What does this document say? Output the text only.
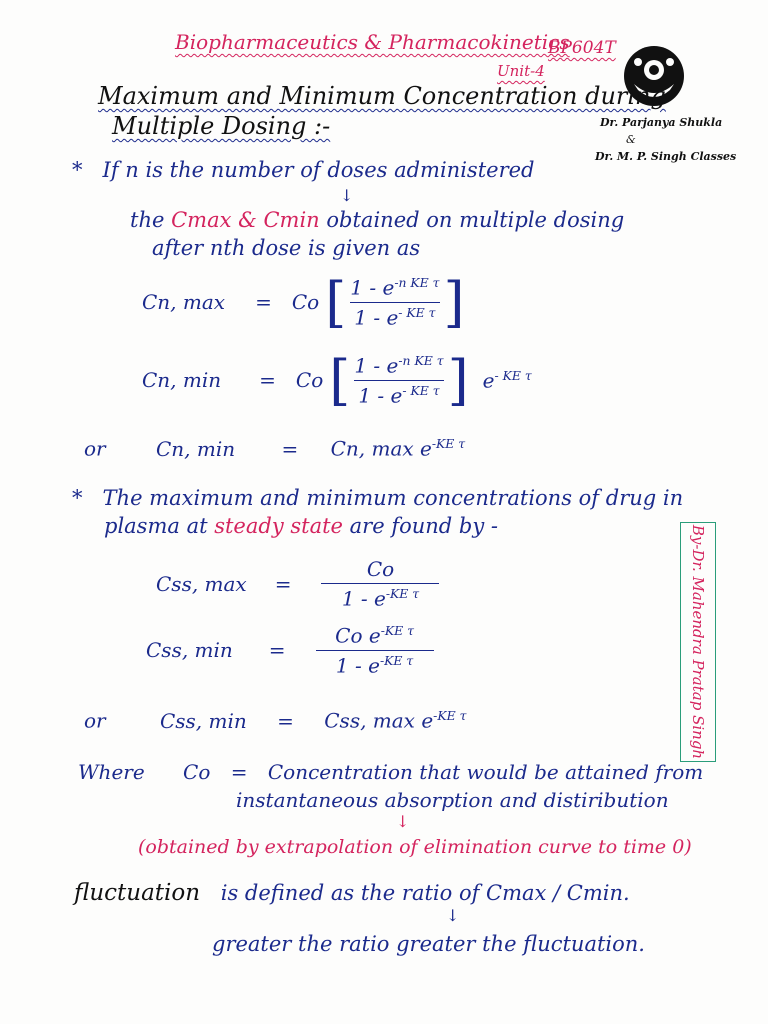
Biopharmaceutics & Pharmacokinetics
BP604T
Unit-4
Maximum and Minimum Concentration during
Multiple Dosing :-	Dr. Parjanya Shukla
&
Dr. M. P. Singh Classes
* If n is the number of doses administered
↓
the Cmax & Cmin obtained on multiple dosing
after nth dose is given as
Cn, max = Co [ $\frac{1 - e^{-n KE \tau}}{1 - e^{- KE \tau}}$ ]
Cn, min = Co [ $\frac{1 - e^{-n KE \tau}}{1 - e^{- KE \tau}}$ ] $e^{- KE \tau}$
or	Cn, min = Cn, $\max e^{-KE \tau}$
* The maximum and minimum concentrations of drug in
plasma at steady state are found by -
Css, $\max = \frac{Co}{1 - e^{-KE \tau}}$
Css, $\min = \frac{Co e^{-KE \tau}}{1 - e^{-KE \tau}}$
or	Css, min = Css, $\max e^{-KE \tau}$	By-Dr. Mahendra Pratap Singh
Where Co = Concentration that would be attained from
instantaneous absorption and distiribution
↓
(obtained by extrapolation of elimination curve to time 0)
fluctuation is defined as the ratio of Cmax / Cmin.
↓
greater the ratio greater the fluctuation.
